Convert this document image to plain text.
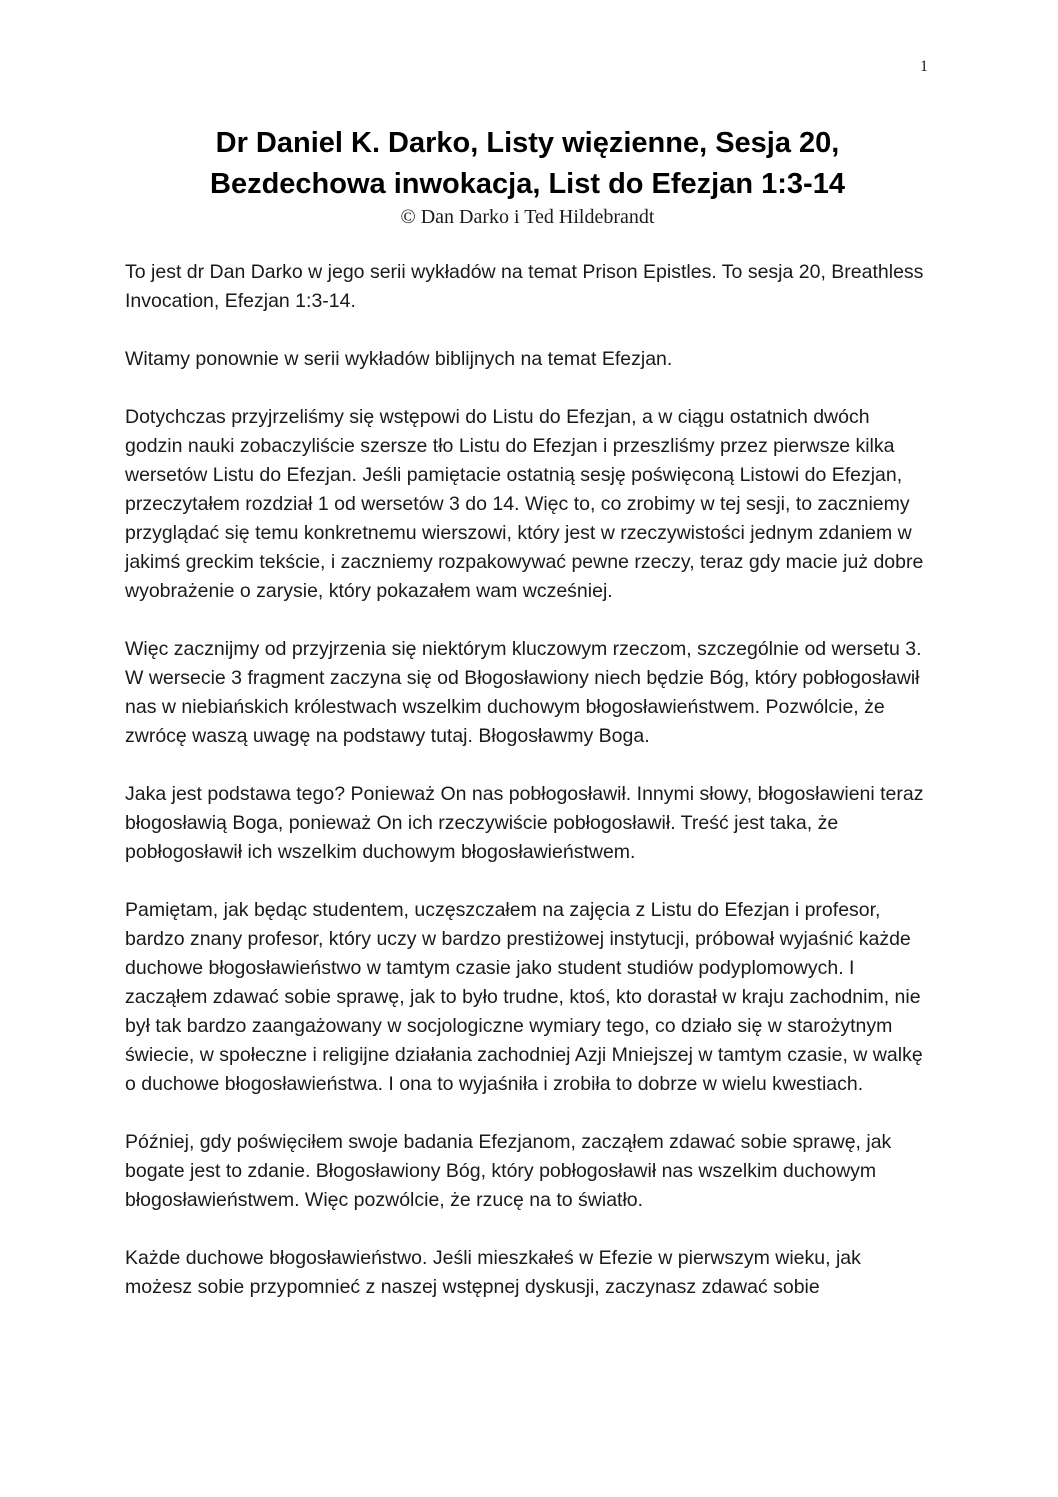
1
Dr Daniel K. Darko, Listy więzienne, Sesja 20,
Bezdechowa inwokacja, List do Efezjan 1:3-14
© Dan Darko i Ted Hildebrandt

To jest dr Dan Darko w jego serii wykładów na temat Prison Epistles. To sesja 20, Breathless Invocation, Efezjan 1:3-14.

Witamy ponownie w serii wykładów biblijnych na temat Efezjan.

Dotychczas przyjrzeliśmy się wstępowi do Listu do Efezjan, a w ciągu ostatnich dwóch godzin nauki zobaczyliście szersze tło Listu do Efezjan i przeszliśmy przez pierwsze kilka wersetów Listu do Efezjan. Jeśli pamiętacie ostatnią sesję poświęconą Listowi do Efezjan, przeczytałem rozdział 1 od wersetów 3 do 14. Więc to, co zrobimy w tej sesji, to zaczniemy przyglądać się temu konkretnemu wierszowi, który jest w rzeczywistości jednym zdaniem w jakimś greckim tekście, i zaczniemy rozpakowywać pewne rzeczy, teraz gdy macie już dobre wyobrażenie o zarysie, który pokazałem wam wcześniej.

Więc zacznijmy od przyjrzenia się niektórym kluczowym rzeczom, szczególnie od wersetu 3. W wersecie 3 fragment zaczyna się od Błogosławiony niech będzie Bóg, który pobłogosławił nas w niebiańskich królestwach wszelkim duchowym błogosławieństwem. Pozwólcie, że zwrócę waszą uwagę na podstawy tutaj. Błogosławmy Boga.

Jaka jest podstawa tego? Ponieważ On nas pobłogosławił. Innymi słowy, błogosławieni teraz błogosławią Boga, ponieważ On ich rzeczywiście pobłogosławił. Treść jest taka, że pobłogosławił ich wszelkim duchowym błogosławieństwem.

Pamiętam, jak będąc studentem, uczęszczałem na zajęcia z Listu do Efezjan i profesor, bardzo znany profesor, który uczy w bardzo prestiżowej instytucji, próbował wyjaśnić każde duchowe błogosławieństwo w tamtym czasie jako student studiów podyplomowych. I zacząłem zdawać sobie sprawę, jak to było trudne, ktoś, kto dorastał w kraju zachodnim, nie był tak bardzo zaangażowany w socjologiczne wymiary tego, co działo się w starożytnym świecie, w społeczne i religijne działania zachodniej Azji Mniejszej w tamtym czasie, w walkę o duchowe błogosławieństwa. I ona to wyjaśniła i zrobiła to dobrze w wielu kwestiach.

Później, gdy poświęciłem swoje badania Efezjanom, zacząłem zdawać sobie sprawę, jak bogate jest to zdanie. Błogosławiony Bóg, który pobłogosławił nas wszelkim duchowym błogosławieństwem. Więc pozwólcie, że rzucę na to światło.

Każde duchowe błogosławieństwo. Jeśli mieszkałeś w Efezie w pierwszym wieku, jak możesz sobie przypomnieć z naszej wstępnej dyskusji, zaczynasz zdawać sobie
